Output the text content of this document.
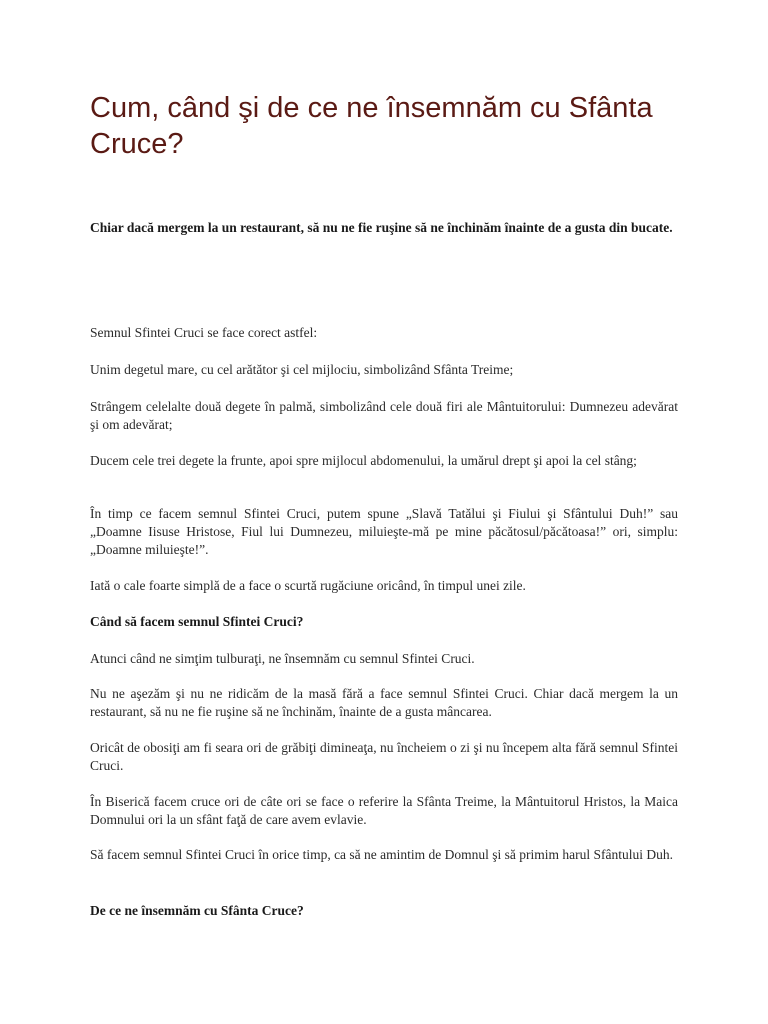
Cum, când şi de ce ne însemnăm cu Sfânta Cruce?

Chiar dacă mergem la un restaurant, să nu ne fie ruşine să ne închinăm înainte de a gusta din bucate.

Semnul Sfintei Cruci se face corect astfel:

Unim degetul mare, cu cel arătător şi cel mijlociu, simbolizând Sfânta Treime;

Strângem celelalte două degete în palmă, simbolizând cele două firi ale Mântuitorului: Dumnezeu adevărat şi om adevărat;

Ducem cele trei degete la frunte, apoi spre mijlocul abdomenului, la umărul drept şi apoi la cel stâng;

În timp ce facem semnul Sfintei Cruci, putem spune „Slavă Tatălui şi Fiului şi Sfântului Duh!” sau „Doamne Iisuse Hristose, Fiul lui Dumnezeu, miluieşte-mă pe mine păcătosul/păcătoasa!” ori, simplu: „Doamne miluieşte!”.

Iată o cale foarte simplă de a face o scurtă rugăciune oricând, în timpul unei zile.

Când să facem semnul Sfintei Cruci?

Atunci când ne simţim tulburaţi, ne însemnăm cu semnul Sfintei Cruci.

Nu ne aşezăm şi nu ne ridicăm de la masă fără a face semnul Sfintei Cruci. Chiar dacă mergem la un restaurant, să nu ne fie ruşine să ne închinăm, înainte de a gusta mâncarea.

Oricât de obosiţi am fi seara ori de grăbiţi dimineaţa, nu încheiem o zi şi nu începem alta fără semnul Sfintei Cruci.

În Biserică facem cruce ori de câte ori se face o referire la Sfânta Treime, la Mântuitorul Hristos, la Maica Domnului ori la un sfânt faţă de care avem evlavie.

Să facem semnul Sfintei Cruci în orice timp, ca să ne amintim de Domnul şi să primim harul Sfântului Duh.

De ce ne însemnăm cu Sfânta Cruce?
